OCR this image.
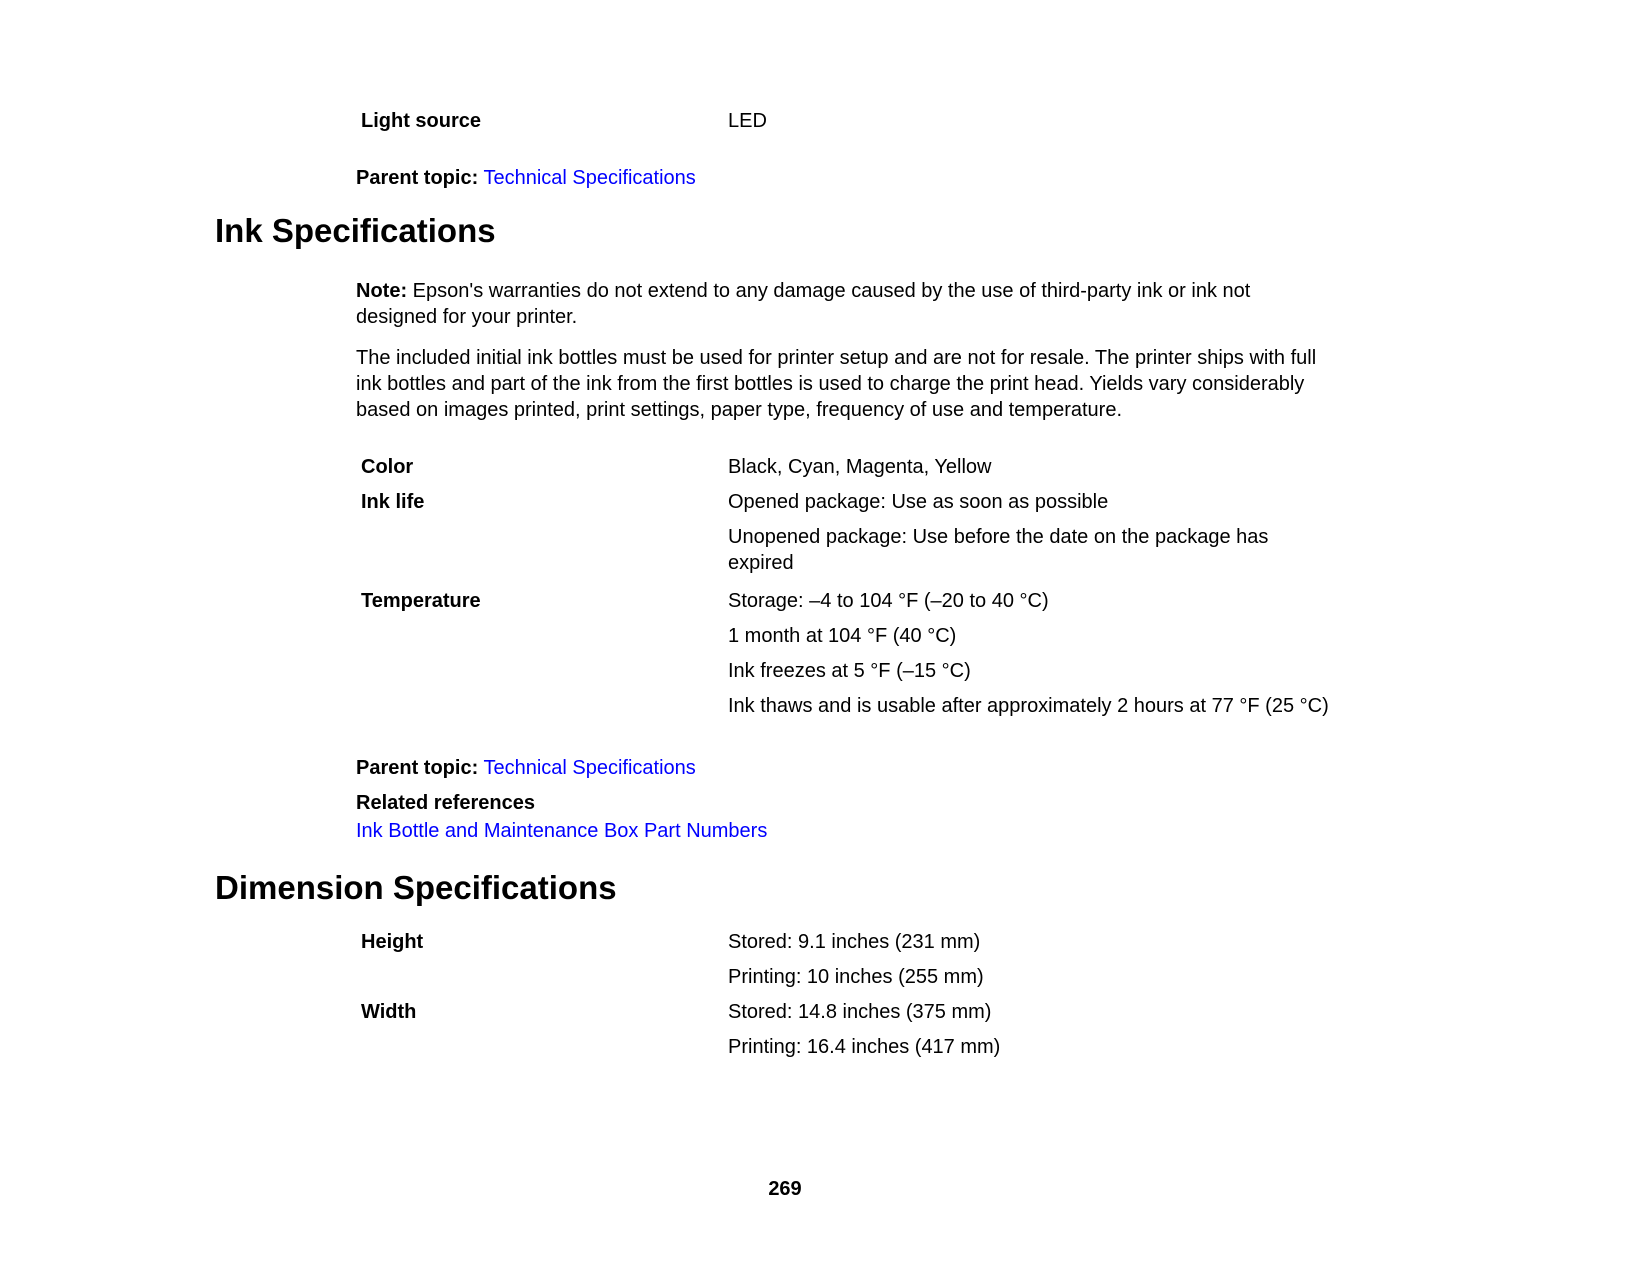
Light source	LED
Parent topic: Technical Specifications
Ink Specifications
Note: Epson's warranties do not extend to any damage caused by the use of third-party ink or ink not designed for your printer.
The included initial ink bottles must be used for printer setup and are not for resale. The printer ships with full ink bottles and part of the ink from the first bottles is used to charge the print head. Yields vary considerably based on images printed, print settings, paper type, frequency of use and temperature.
Color	Black, Cyan, Magenta, Yellow
Ink life	Opened package: Use as soon as possible
Unopened package: Use before the date on the package has
expired
Temperature	Storage: –4 to 104 °F (–20 to 40 °C)
1 month at 104 °F (40 °C)
Ink freezes at 5 °F (–15 °C)
Ink thaws and is usable after approximately 2 hours at 77 °F (25 °C)
Parent topic: Technical Specifications
Related references
Ink Bottle and Maintenance Box Part Numbers
Dimension Specifications
Height	Stored: 9.1 inches (231 mm)
Printing: 10 inches (255 mm)
Width	Stored: 14.8 inches (375 mm)
Printing: 16.4 inches (417 mm)
269
